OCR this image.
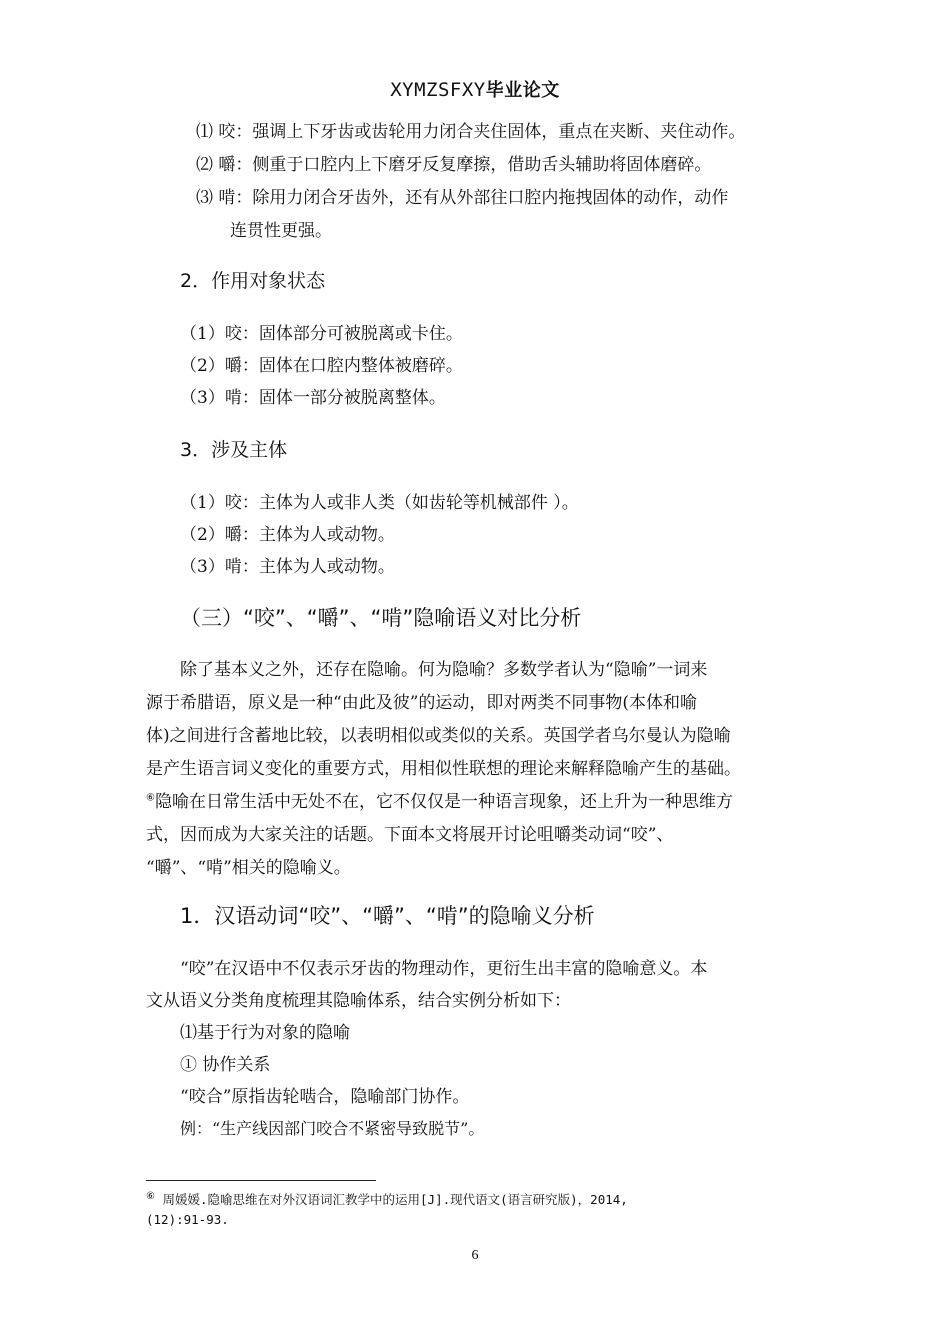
XYMZSFXY毕业论文
⑴ 咬：强调上下牙齿或齿轮用力闭合夹住固体，重点在夹断、夹住动作。
⑵ 嚼：侧重于口腔内上下磨牙反复摩擦，借助舌头辅助将固体磨碎。
⑶ 啃：除用力闭合牙齿外，还有从外部往口腔内拖拽固体的动作，动作
连贯性更强。
2．作用对象状态
（1）咬：固体部分可被脱离或卡住。
（2）嚼：固体在口腔内整体被磨碎。
（3）啃：固体一部分被脱离整体。
3．涉及主体
（1）咬：主体为人或非人类（如齿轮等机械部件 ）。
（2）嚼：主体为人或动物。
（3）啃：主体为人或动物。
（三）“咬”、“嚼”、“啃”隐喻语义对比分析
除了基本义之外，还存在隐喻。何为隐喻？多数学者认为“隐喻”一词来
源于希腊语，原义是一种“由此及彼”的运动，即对两类不同事物(本体和喻
体)之间进行含蓄地比较，以表明相似或类似的关系。英国学者乌尔曼认为隐喻
是产生语言词义变化的重要方式，用相似性联想的理论来解释隐喻产生的基础。
⑥隐喻在日常生活中无处不在，它不仅仅是一种语言现象，还上升为一种思维方
式，因而成为大家关注的话题。下面本文将展开讨论咀嚼类动词“咬”、
“嚼”、“啃”相关的隐喻义。
1．汉语动词“咬”、“嚼”、“啃”的隐喻义分析
“咬”在汉语中不仅表示牙齿的物理动作，更衍生出丰富的隐喻意义。本
文从语义分类角度梳理其隐喻体系，结合实例分析如下：
⑴基于行为对象的隐喻
① 协作关系
“咬合”原指齿轮啮合，隐喻部门协作。
例：“生产线因部门咬合不紧密导致脱节”。
⑥ 周媛媛.隐喻思维在对外汉语词汇教学中的运用[J].现代语文(语言研究版)，2014,
(12):91-93.
6
